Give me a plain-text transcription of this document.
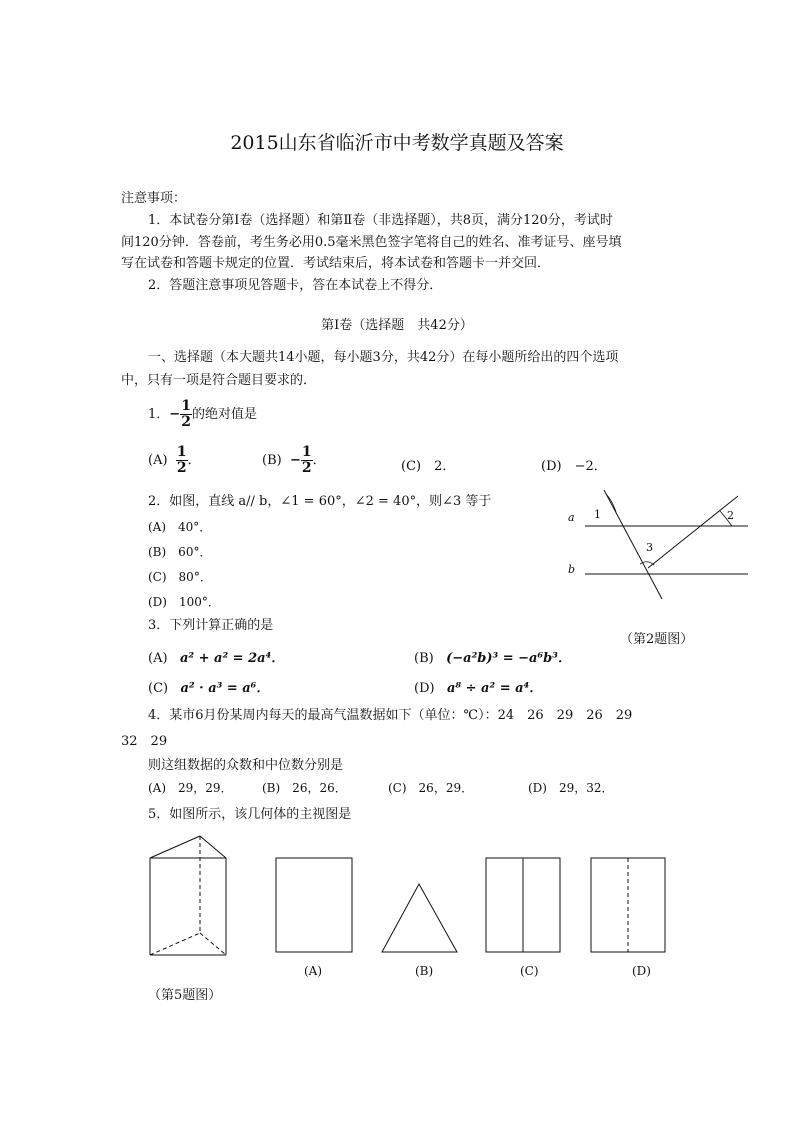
2015山东省临沂市中考数学真题及答案
注意事项：
1．本试卷分第Ⅰ卷（选择题）和第Ⅱ卷（非选择题），共8页，满分120分，考试时
间120分钟．答卷前，考生务必用0.5毫米黑色签字笔将自己的姓名、准考证号、座号填
写在试卷和答题卡规定的位置．考试结束后，将本试卷和答题卡一并交回．
2．答题注意事项见答题卡，答在本试卷上不得分．
第Ⅰ卷（选择题　共42分）
一、选择题（本大题共14小题，每小题3分，共42分）在每小题所给出的四个选项
中，只有一项是符合题目要求的．
1．− $\frac{1}{2}$ 的绝对值是
$(A) \frac{1}{2}$ ．	$(B) - \frac{1}{2}$ ．	(C)　2．	(D)　−2．
2．如图，直线 a// b，∠1 = 60°，∠2 = 40°，则∠3 等于
(A)　40°．
(B)　60°．
(C)　80°．
(D)　100°．
a
b
1	2
3
（第2题图）
3．下列计算正确的是
(A) a² + a² = 2a⁴．	(B) (−a²b)³ = −a⁶b³．
(C) a² · a³ = a⁶．	(D) a⁸ ÷ a² = a⁴．
4．某市6月份某周内每天的最高气温数据如下（单位：℃）：24　26　29　26　29
32　29
则这组数据的众数和中位数分别是
(A)　29，29． (B)　26，26．	(C)　26，29．	(D)　29，32．
5．如图所示，该几何体的主视图是
(A)	(B)	(C)	(D)
（第5题图）
